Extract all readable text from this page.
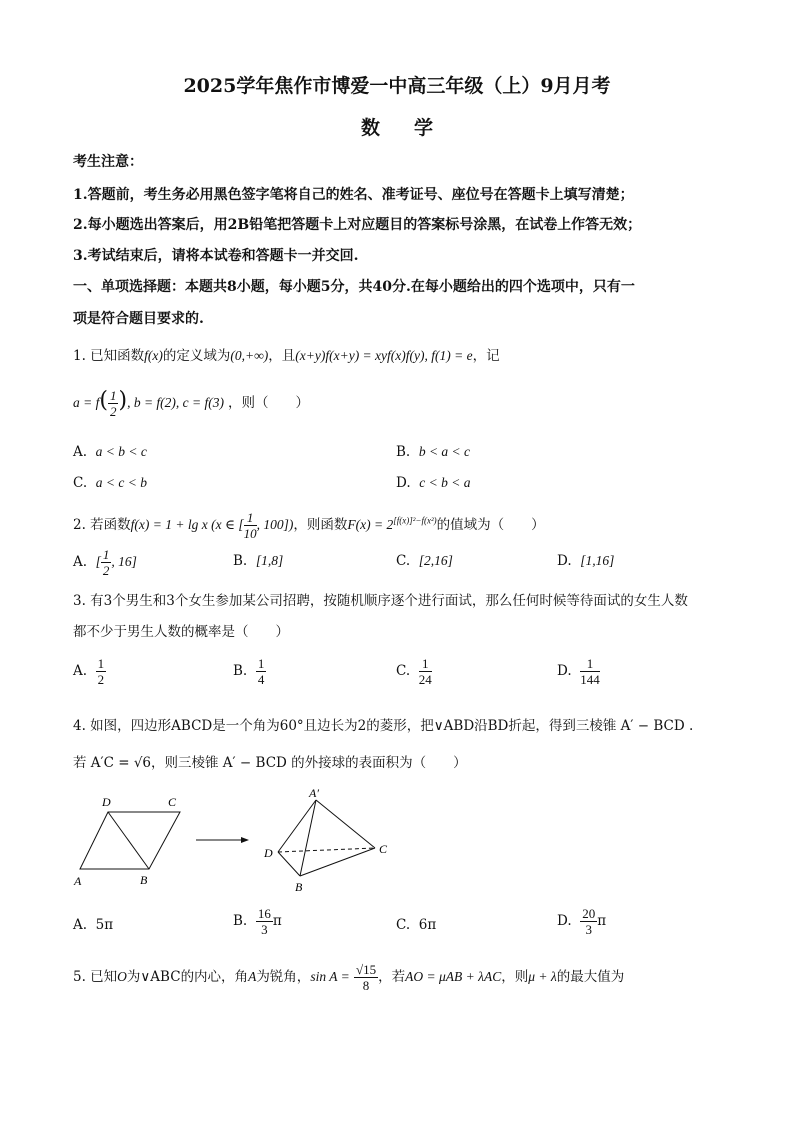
2025学年焦作市博爱一中高三年级（上）9月月考
数学
考生注意：
1.答题前，考生务必用黑色签字笔将自己的姓名、准考证号、座位号在答题卡上填写清楚；
2.每小题选出答案后，用2B铅笔把答题卡上对应题目的答案标号涂黑，在试卷上作答无效；
3.考试结束后，请将本试卷和答题卡一并交回.
一、单项选择题：本题共8小题，每小题5分，共40分.在每小题给出的四个选项中，只有一
项是符合题目要求的.
1. 已知函数f(x)的定义域为(0,+∞)，且(x+y)f(x+y) = xyf(x)f(y), f(1) = e，记
$a = f( \frac{1}{2}$ ), b = f(2), c = f(3) ，则（　　）
A. a < b < c	B. b < a < c
C. a < c < b	D. c < b < a
2. 若函数f(x) = 1 + lg x (x ∈ [ $\frac{1}{10}$ , 100])，则函数$F(x) = 2^{[f(x)]^2-f(x^2)}$的值域为（　　）
A. [ $\frac{1}{2}$ , 16]	B. [1,8]	C. [2,16]	D. [1,16]
3. 有3个男生和3个女生参加某公司招聘，按随机顺序逐个进行面试，那么任何时候等待面试的女生人数
都不少于男生人数的概率是（　　）
A. $\frac{1}{2}$	B. $\frac{1}{4}$	C. $\frac{1}{24}$	D. $\frac{1}{144}$
4. 如图，四边形ABCD是一个角为60°且边长为2的菱形，把∨ABD沿BD折起，得到三棱锥 A′ − BCD .
若 A′C = √6，则三棱锥 A′ − BCD 的外接球的表面积为（　　）
D	C
A	B
A′
D	C
B
A. 5π	B. $\frac{16}{3}$ π	C. 6π	D. $\frac{20}{3}$ π
5. 已知O为∨ABC的内心，角A为锐角，$\sin A = \frac{√15}{8}$ ，若AO = μAB + λAC，则μ + λ的最大值为
